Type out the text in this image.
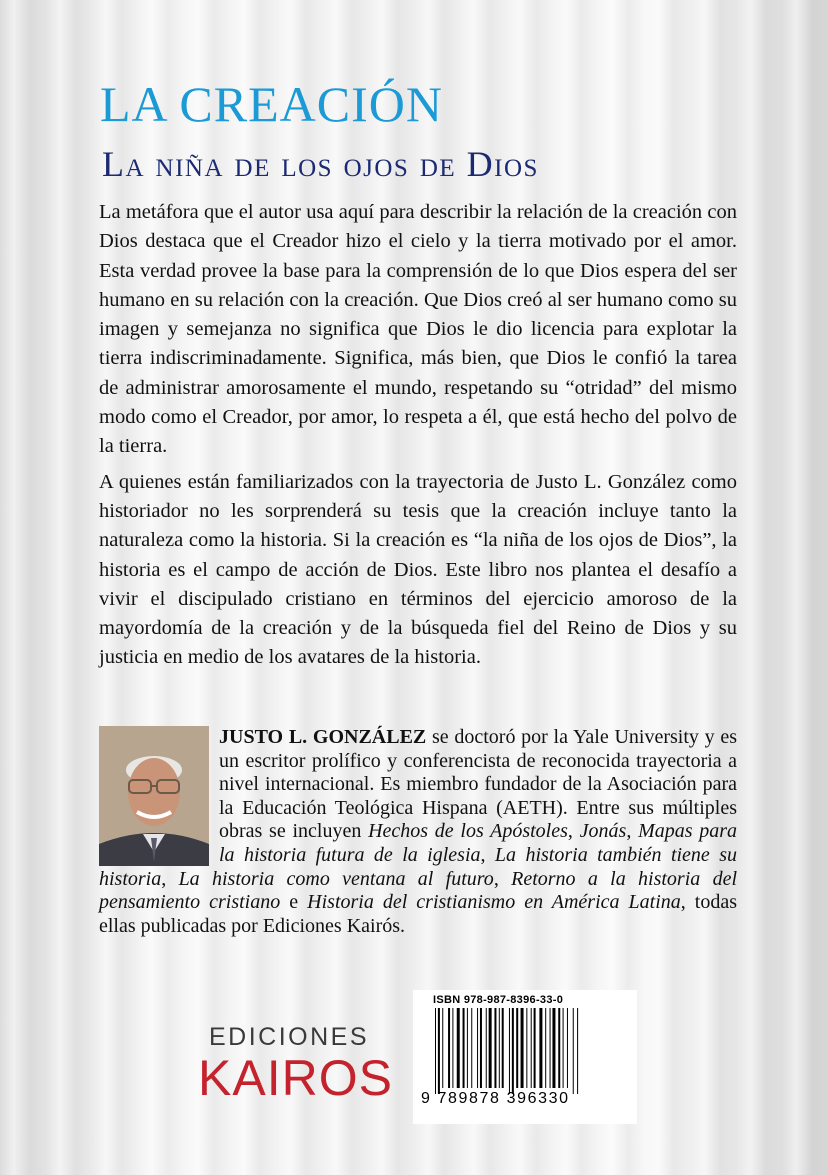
LA CREACIÓN
La niña de los ojos de Dios

La metáfora que el autor usa aquí para describir la relación de la creación con Dios destaca que el Creador hizo el cielo y la tierra motivado por el amor. Esta verdad provee la base para la comprensión de lo que Dios espera del ser humano en su relación con la creación. Que Dios creó al ser humano como su imagen y semejanza no significa que Dios le dio licencia para explotar la tierra indiscriminadamente. Significa, más bien, que Dios le confió la tarea de administrar amorosamente el mundo, respetando su “otridad” del mismo modo como el Creador, por amor, lo respeta a él, que está hecho del polvo de la tierra.

A quienes están familiarizados con la trayectoria de Justo L. González como historiador no les sorprenderá su tesis que la creación incluye tanto la naturaleza como la historia. Si la creación es “la niña de los ojos de Dios”, la historia es el campo de acción de Dios. Este libro nos plantea el desafío a vivir el discipulado cristiano en términos del ejercicio amoroso de la mayordomía de la creación y de la búsqueda fiel del Reino de Dios y su justicia en medio de los avatares de la historia.

JUSTO L. GONZÁLEZ se doctoró por la Yale University y es un escritor prolífico y conferencista de reconocida trayectoria a nivel internacional. Es miembro fundador de la Asociación para la Educación Teológica Hispana (AETH). Entre sus múltiples obras se incluyen Hechos de los Apóstoles, Jonás, Mapas para la historia futura de la iglesia, La historia también tiene su historia, La historia como ventana al futuro, Retorno a la historia del pensamiento cristiano e Historia del cristianismo en América Latina, todas ellas publicadas por Ediciones Kairós.
EDICIONES
KAIROS
ISBN 978-987-8396-33-0
9 789878 396330
